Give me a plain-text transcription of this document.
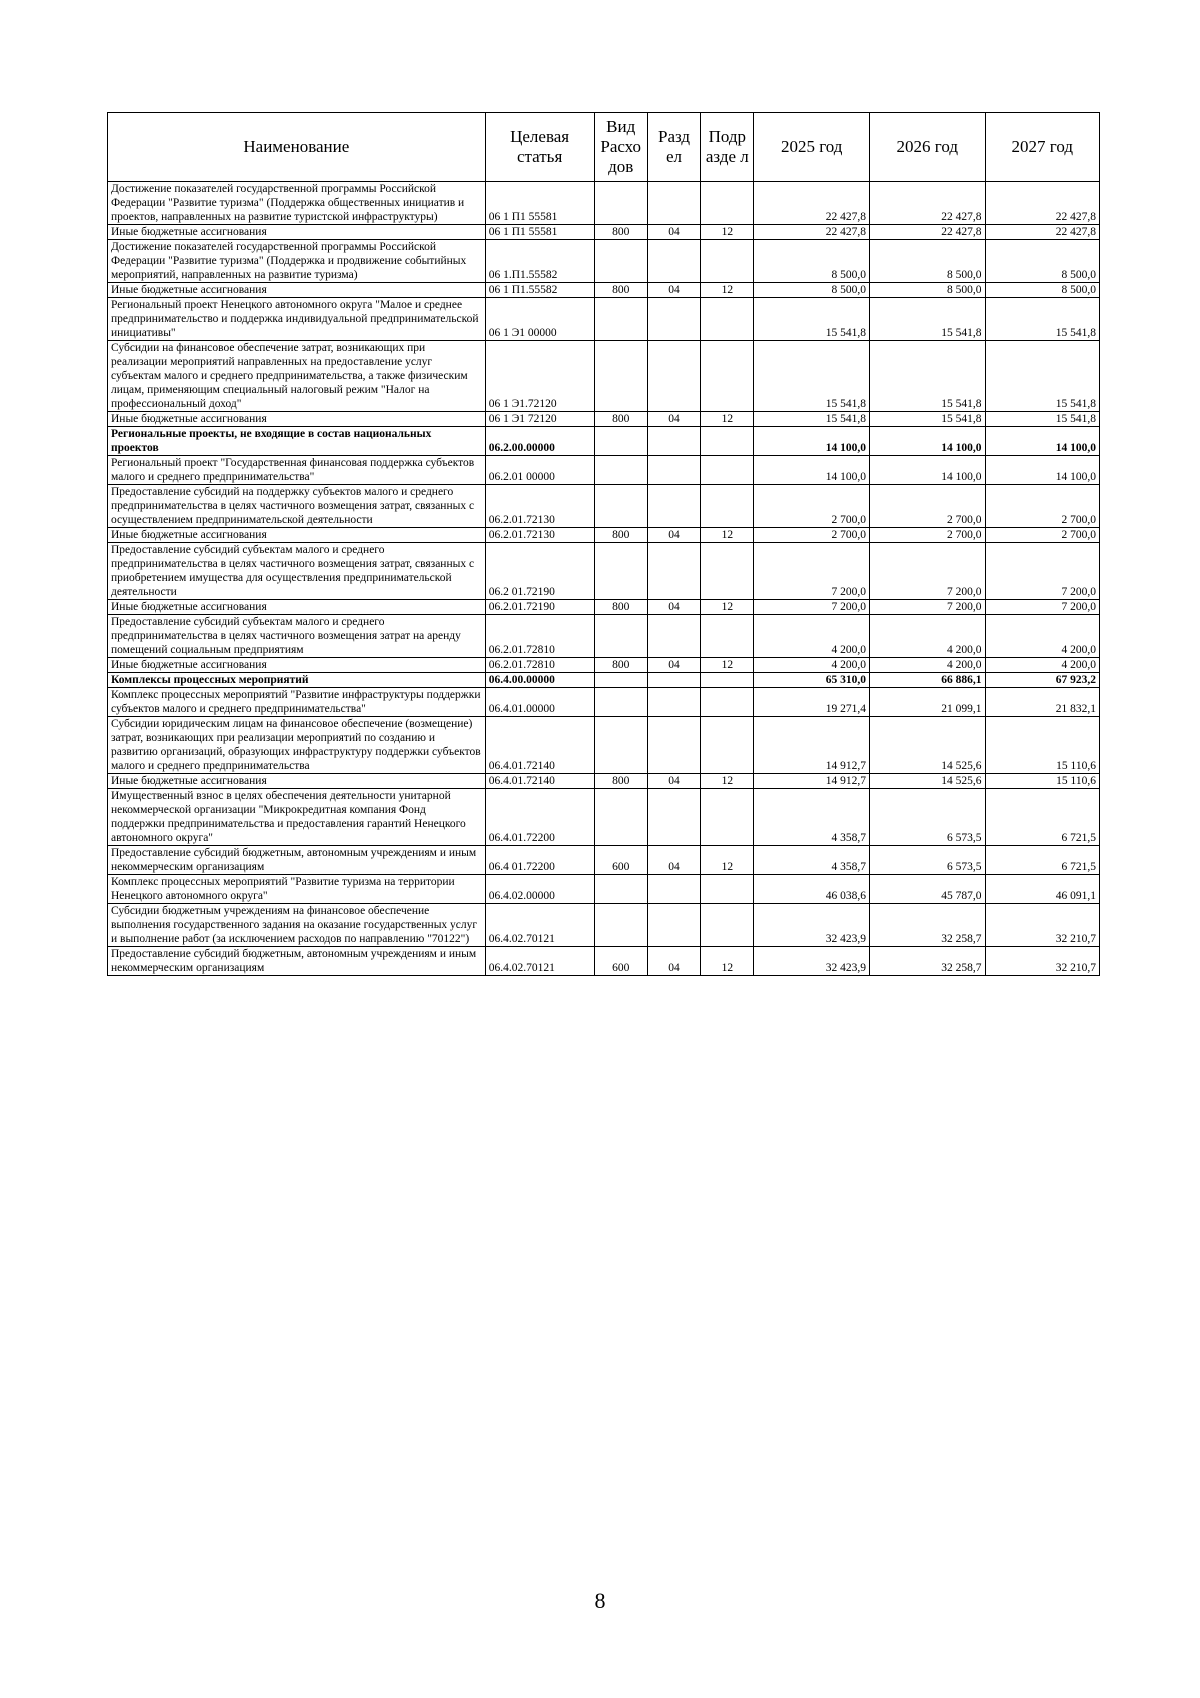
Наименование	Целевая статья	Вид Расхо дов	Разд ел	Подр азде л	2025 год	2026 год	2027 год
Достижение показателей государственной программы Российской Федерации "Развитие туризма" (Поддержка общественных инициатив и проектов, направленных на развитие туристской инфраструктуры)	06 1 П1 55581				22 427,8	22 427,8	22 427,8
Иные бюджетные ассигнования	06 1 П1 55581	800	04	12	22 427,8	22 427,8	22 427,8
Достижение показателей государственной программы Российской Федерации "Развитие туризма" (Поддержка и продвижение событийных мероприятий, направленных на развитие туризма)	06 1.П1.55582				8 500,0	8 500,0	8 500,0
Иные бюджетные ассигнования	06 1 П1.55582	800	04	12	8 500,0	8 500,0	8 500,0
Региональный проект Ненецкого автономного округа "Малое и среднее предпринимательство и поддержка индивидуальной предпринимательской инициативы"	06 1 Э1 00000				15 541,8	15 541,8	15 541,8
Субсидии на финансовое обеспечение затрат, возникающих при реализации мероприятий направленных на предоставление услуг субъектам малого и среднего предпринимательства, а также физическим лицам, применяющим специальный налоговый режим "Налог на профессиональный доход"	06 1 Э1.72120				15 541,8	15 541,8	15 541,8
Иные бюджетные ассигнования	06 1 Э1 72120	800	04	12	15 541,8	15 541,8	15 541,8
Региональные проекты, не входящие в состав национальных проектов	06.2.00.00000				14 100,0	14 100,0	14 100,0
Региональный проект "Государственная финансовая поддержка субъектов малого и среднего предпринимательства"	06.2.01 00000				14 100,0	14 100,0	14 100,0
Предоставление субсидий на поддержку субъектов малого и среднего предпринимательства в целях частичного возмещения затрат, связанных с осуществлением предпринимательской деятельности	06.2.01.72130				2 700,0	2 700,0	2 700,0
Иные бюджетные ассигнования	06.2.01.72130	800	04	12	2 700,0	2 700,0	2 700,0
Предоставление субсидий субъектам малого и среднего предпринимательства в целях частичного возмещения затрат, связанных с приобретением имущества для осуществления предпринимательской деятельности	06.2 01.72190				7 200,0	7 200,0	7 200,0
Иные бюджетные ассигнования	06.2.01.72190	800	04	12	7 200,0	7 200,0	7 200,0
Предоставление субсидий субъектам малого и среднего предпринимательства в целях частичного возмещения затрат на аренду помещений социальным предприятиям	06.2.01.72810				4 200,0	4 200,0	4 200,0
Иные бюджетные ассигнования	06.2.01.72810	800	04	12	4 200,0	4 200,0	4 200,0
Комплексы процессных мероприятий	06.4.00.00000				65 310,0	66 886,1	67 923,2
Комплекс процессных мероприятий "Развитие инфраструктуры поддержки субъектов малого и среднего предпринимательства"	06.4.01.00000				19 271,4	21 099,1	21 832,1
Субсидии юридическим лицам на финансовое обеспечение (возмещение) затрат, возникающих при реализации мероприятий по созданию и развитию организаций, образующих инфраструктуру поддержки субъектов малого и среднего предпринимательства	06.4.01.72140				14 912,7	14 525,6	15 110,6
Иные бюджетные ассигнования	06.4.01.72140	800	04	12	14 912,7	14 525,6	15 110,6
Имущественный взнос в целях обеспечения деятельности унитарной некоммерческой организации "Микрокредитная компания Фонд поддержки предпринимательства и предоставления гарантий Ненецкого автономного округа"	06.4.01.72200				4 358,7	6 573,5	6 721,5
Предоставление субсидий бюджетным, автономным учреждениям и иным некоммерческим организациям	06.4 01.72200	600	04	12	4 358,7	6 573,5	6 721,5
Комплекс процессных мероприятий "Развитие туризма на территории Ненецкого автономного округа"	06.4.02.00000				46 038,6	45 787,0	46 091,1
Субсидии бюджетным учреждениям на финансовое обеспечение выполнения государственного задания на оказание государственных услуг и выполнение работ (за исключением расходов по направлению "70122")	06.4.02.70121				32 423,9	32 258,7	32 210,7
Предоставление субсидий бюджетным, автономным учреждениям и иным некоммерческим организациям	06.4.02.70121	600	04	12	32 423,9	32 258,7	32 210,7
8
